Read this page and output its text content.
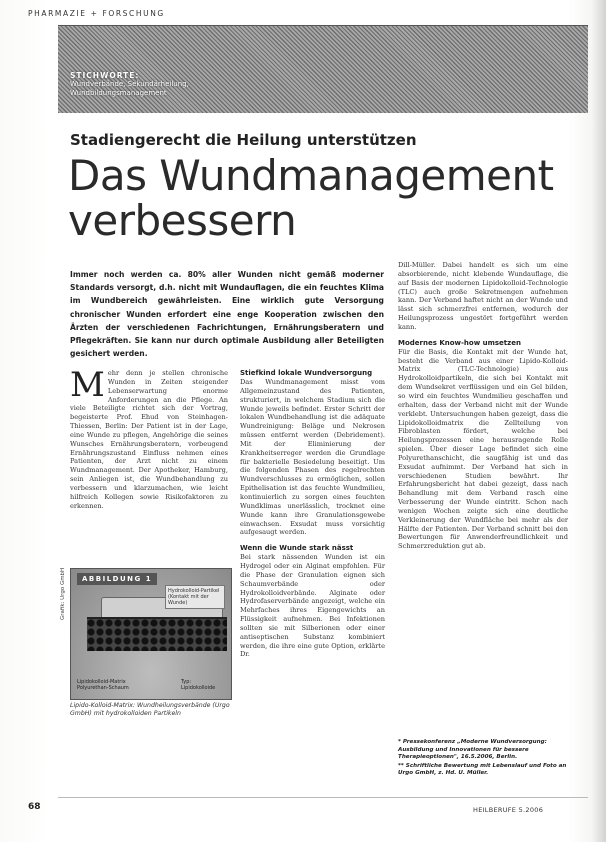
PHARMAZIE + FORSCHUNG
STICHWORTE:
Wundverbände, Sekundärheilung,
Wundbildungsmanagement
Stadiengerecht die Heilung unterstützen
Das Wundmanagement
verbessern
Immer noch werden ca. 80% aller Wunden nicht gemäß moderner Standards versorgt, d.h. nicht mit Wundauflagen, die ein feuchtes Klima im Wundbereich gewährleisten. Eine wirklich gute Versorgung chronischer Wunden erfordert eine enge Kooperation zwischen den Ärzten der verschiedenen Fachrichtungen, Ernährungsberatern und Pflegekräften. Sie kann nur durch optimale Ausbildung aller Beteiligten gesichert werden.
M ehr denn je stellen chronische Wunden in Zeiten steigender Lebenserwartung enorme Anforderungen an die Pflege. An viele Beteiligte richtet sich der Vortrag, begeisterte Prof. Ehud von Steinhagen-Thiessen, Berlin: Der Patient ist in der Lage, eine Wunde zu pflegen, Angehörige die seines Wunsches Ernährungsberatern, vorbeugend Ernährungszustand Einfluss nehmen eines Patienten, der Arzt nicht zu einem Wundmanagement. Der Apotheker, Hamburg, sein Anliegen ist, die Wundbehandlung zu verbessern und klarzumachen, wie leicht hilfreich Kollegen sowie Risikofaktoren zu erkennen.

Stiefkind lokale Wundversorgung

Das Wundmanagement misst vom Allgemeinzustand des Patienten, strukturiert, in welchem Stadium sich die Wunde jeweils befindet. Erster Schritt der lokalen Wundbehandlung ist die adäquate Wundreinigung: Beläge und Nekrosen müssen entfernt werden (Debridement). Mit der Eliminierung der Krankheitserreger werden die Grundlage für bakterielle Besiedelung beseitigt. Um die folgenden Phasen des regelrechten Wundverschlusses zu ermöglichen, sollen Epithelisation ist das feuchte Wundmilieu, kontinuierlich zu sorgen eines feuchten Wundklimas unerlässlich, trocknet eine Wunde kann ihre Granulationsgewebe einwachsen. Exsudat muss vorsichtig aufgesaugt werden.

Wenn die Wunde stark nässt

Bei stark nässenden Wunden ist ein Hydrogel oder ein Alginat empfohlen. Für die Phase der Granulation eignen sich Schaumverbände oder Hydrokolloidverbände. Alginate oder Hydrofaserverbände angezeigt, welche ein Mehrfaches ihres Eigengewichts an Flüssigkeit aufnehmen. Bei Infektionen sollten sie mit Silberionen oder einer antiseptischen Substanz kombiniert werden, die ihre eine gute Option, erklärte Dr.

Dill-Müller. Dabei handelt es sich um eine absorbierende, nicht klebende Wundauflage, die auf Basis der modernen Lipidokolloid-Technologie (TLC) auch große Sekretmengen aufnehmen kann. Der Verband haftet nicht an der Wunde und lässt sich schmerzfrei entfernen, wodurch der Heilungsprozess ungestört fortgeführt werden kann.

Modernes Know-how umsetzen

Für die Basis, die Kontakt mit der Wunde hat, besteht die Verband aus einer Lipido-Kolloid-Matrix (TLC-Technologie) aus Hydrokolloidpartikeln, die sich bei Kontakt mit dem Wundsekret verflüssigen und ein Gel bilden, so wird ein feuchtes Wundmilieu geschaffen und erhalten, dass der Verband nicht mit der Wunde verklebt. Untersuchungen haben gezeigt, dass die Lipidokolloidmatrix die Zellteilung von Fibroblasten fördert, welche bei Heilungsprozessen eine herausragende Rolle spielen. Über dieser Lage befindet sich eine Polyurethanschicht, die saugfähig ist und das Exsudat aufnimmt. Der Verband hat sich in verschiedenen Studien bewährt. Ihr Erfahrungsbericht hat dabei gezeigt, dass nach Behandlung mit dem Verband rasch eine Verbesserung der Wunde eintritt. Schon nach wenigen Wochen zeigte sich eine deutliche Verkleinerung der Wundfläche bei mehr als der Hälfte der Patienten. Der Verband schnitt bei den Bewertungen für Anwenderfreundlichkeit und Schmerzreduktion gut ab.

ABBILDUNG 1
Hydrokolloid-Partikel (Kontakt mit der Wunde)
Lipidokolloid-Matrix Polyurethan-Schaum
Typ: Lipidokolloide
Grafik: Urgo GmbH
Lipido-Kolloid-Matrix: Wundheilungsverbände (Urgo GmbH) mit hydrokolloiden Partikeln

* Pressekonferenz „Moderne Wundversorgung: Ausbildung und Innovationen für bessere Therapieoptionen", 16.5.2006, Berlin.

** Schriftliche Bewertung mit Lebenslauf und Foto an Urgo GmbH, z. Hd. U. Müller.

68	HEILBERUFE 5.2006
